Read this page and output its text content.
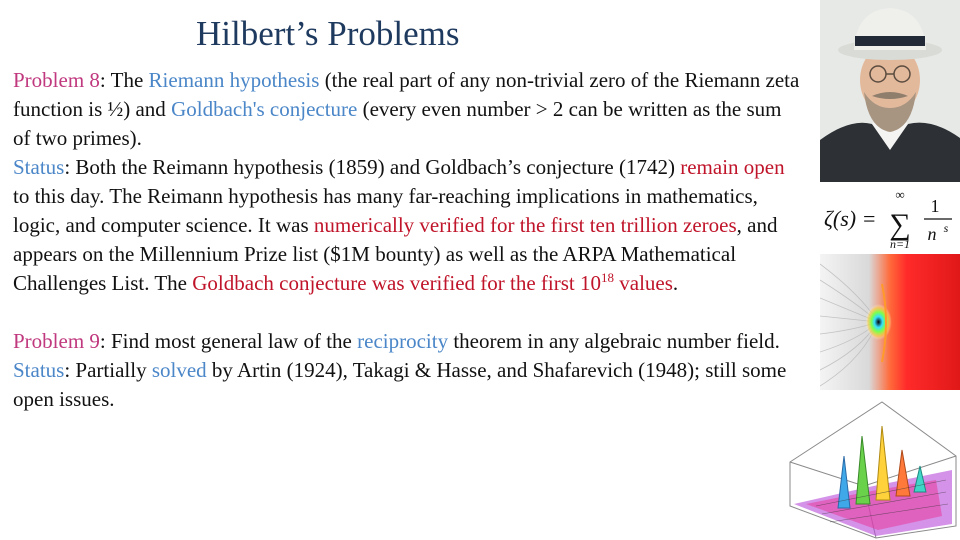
Hilbert’s Problems

Problem 8: The Riemann hypothesis (the real part of any non-trivial zero of the Riemann zeta function is ½) and Goldbach's conjecture (every even number > 2 can be written as the sum of two primes).

Status: Both the Reimann hypothesis (1859) and Goldbach’s conjecture (1742) remain open to this day. The Reimann hypothesis has many far-reaching implications in mathematics, logic, and computer science. It was numerically verified for the first ten trillion zeroes, and appears on the Millennium Prize list ($1M bounty) as well as the ARPA Mathematical Challenges List. The Goldbach conjecture was verified for the first $10^{18}$ values.

Problem 9: Find most general law of the reciprocity theorem in any algebraic number field.

Status: Partially solved by Artin (1924), Takagi & Hasse, and Shafarevich (1948); still some open issues.

ζ(s) =
∞
∑
n=1
1
n s
